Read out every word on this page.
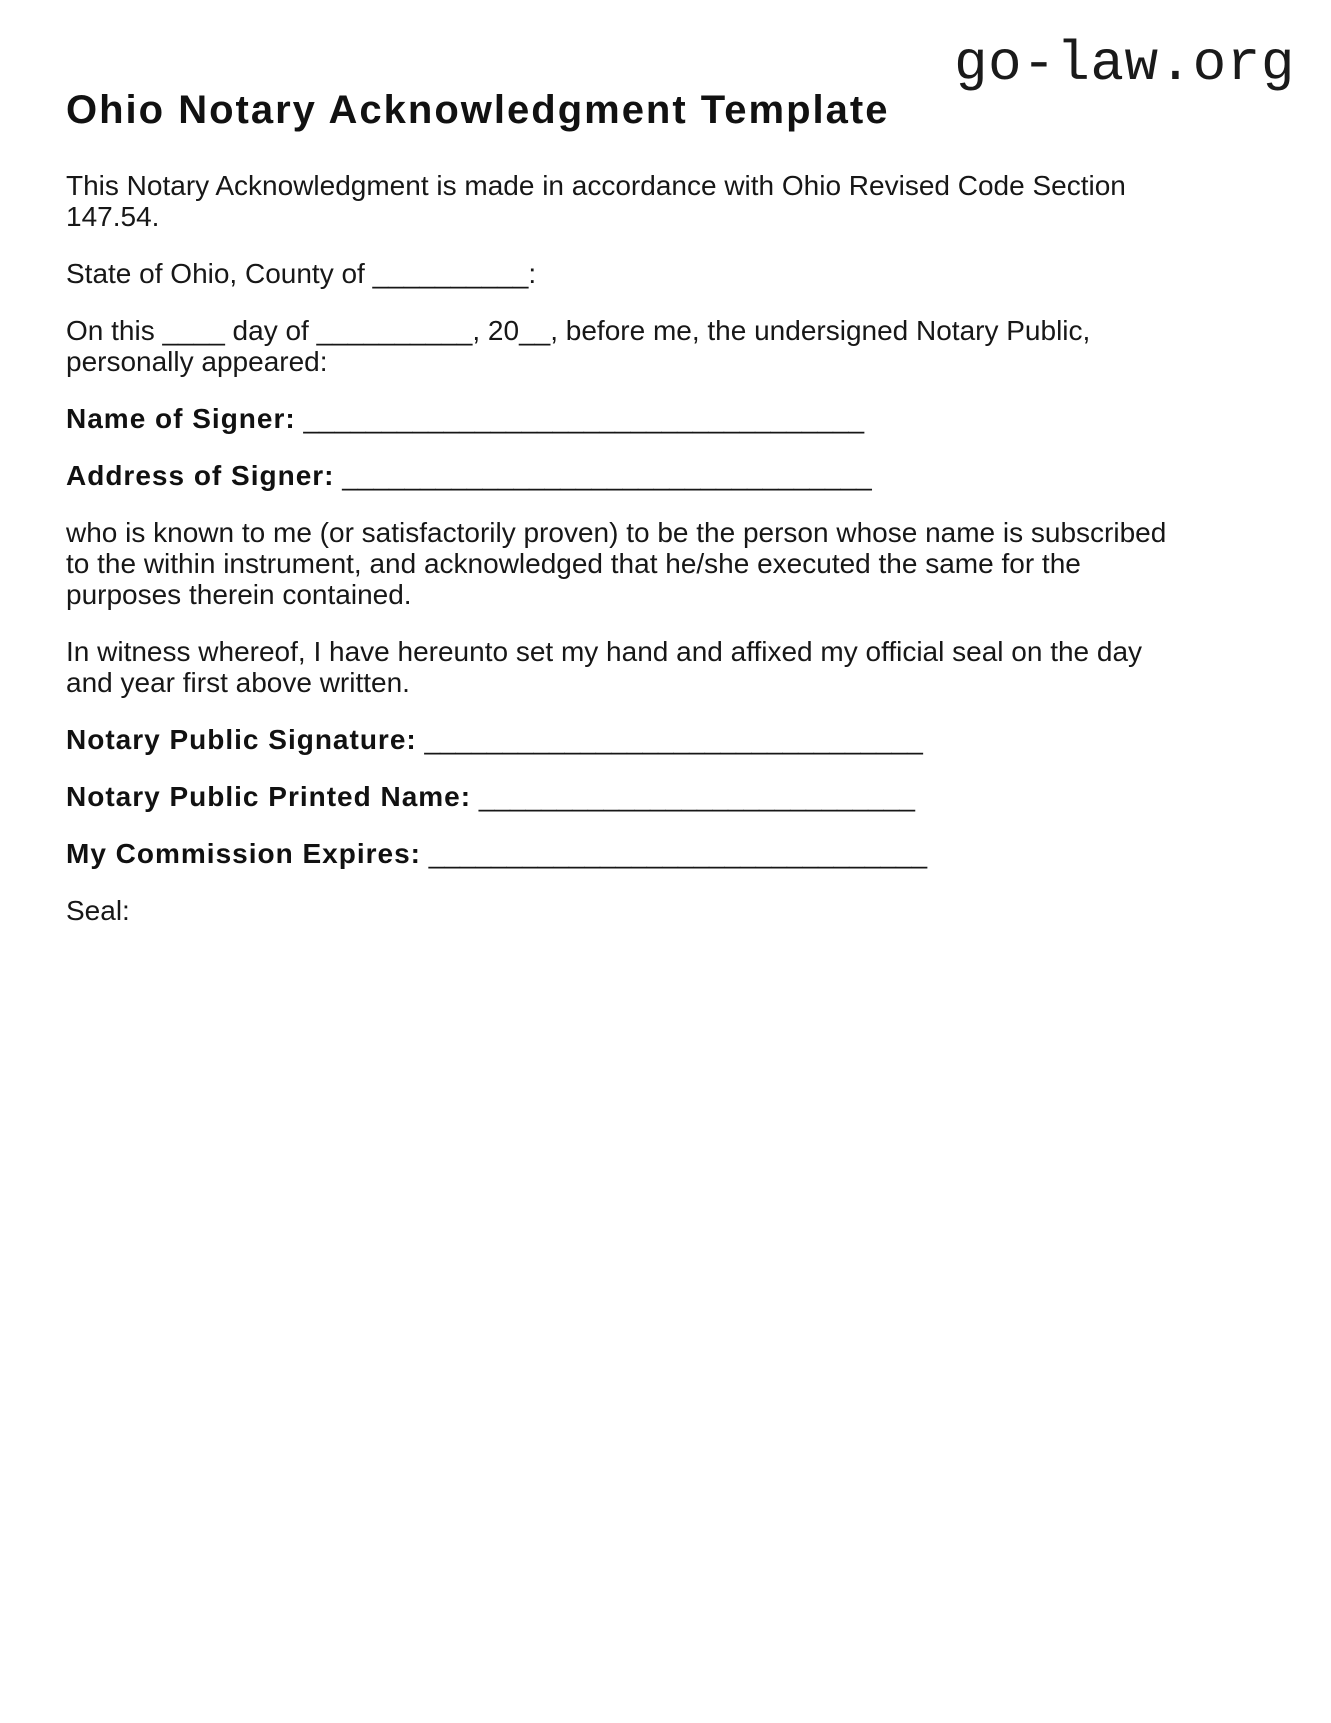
go-law.org
Ohio Notary Acknowledgment Template

This Notary Acknowledgment is made in accordance with Ohio Revised Code Section 147.54.

State of Ohio, County of __________:

On this ____ day of __________, 20__, before me, the undersigned Notary Public, personally appeared:

Name of Signer: ____________________________________

Address of Signer: __________________________________

who is known to me (or satisfactorily proven) to be the person whose name is subscribed to the within instrument, and acknowledged that he/she executed the same for the purposes therein contained.

In witness whereof, I have hereunto set my hand and affixed my official seal on the day and year first above written.

Notary Public Signature: ________________________________

Notary Public Printed Name: ____________________________

My Commission Expires: ________________________________

Seal:
